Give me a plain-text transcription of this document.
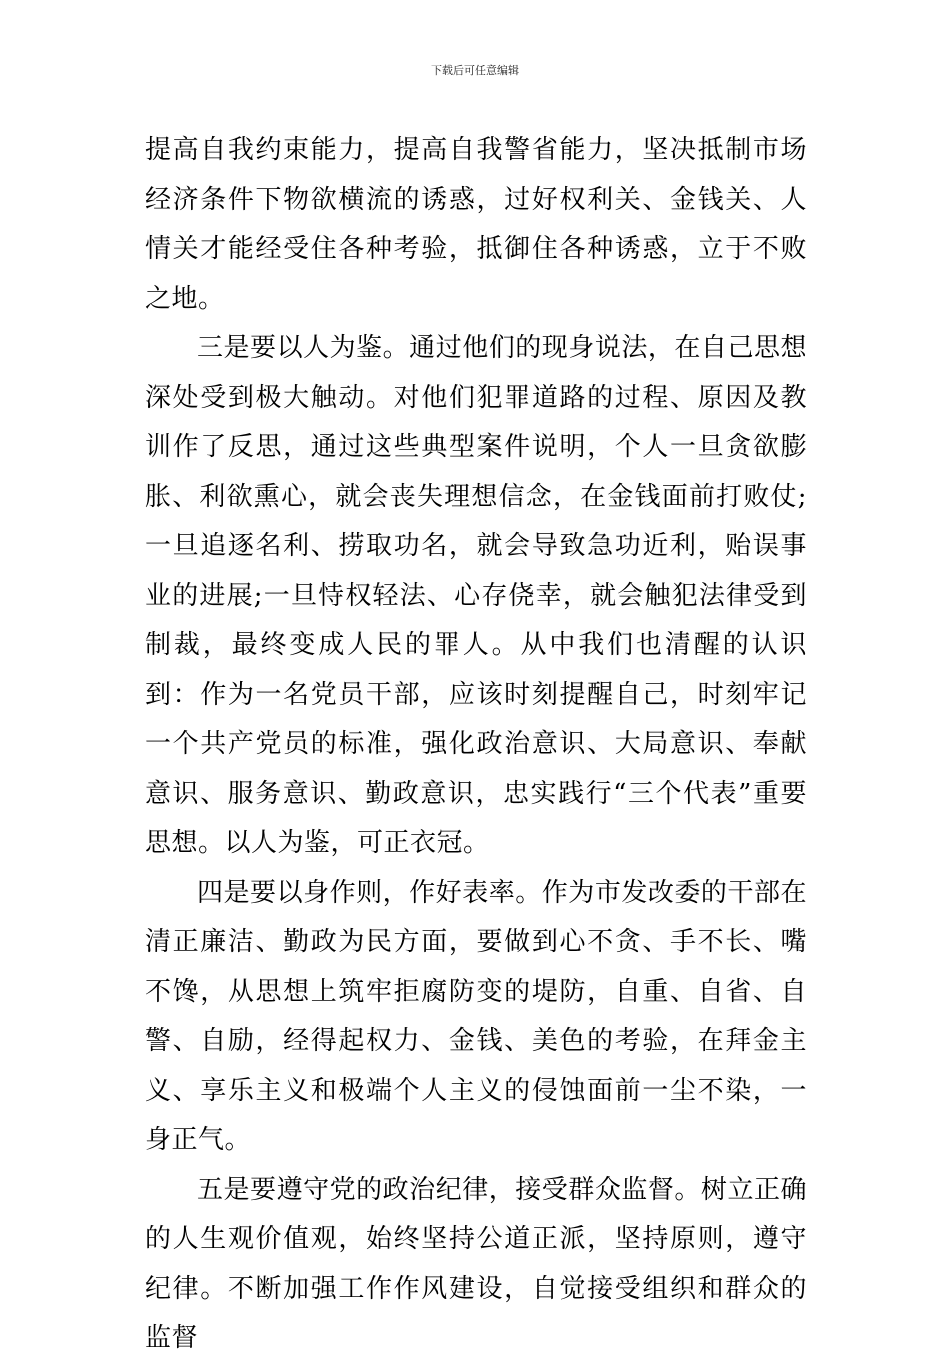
下载后可任意编辑

提高自我约束能力，提高自我警省能力，坚决抵制市场经济条件下物欲横流的诱惑，过好权利关、金钱关、人情关才能经受住各种考验，抵御住各种诱惑，立于不败之地。

三是要以人为鉴。通过他们的现身说法，在自己思想深处受到极大触动。对他们犯罪道路的过程、原因及教训作了反思，通过这些典型案件说明，个人一旦贪欲膨胀、利欲熏心，就会丧失理想信念，在金钱面前打败仗;一旦追逐名利、捞取功名，就会导致急功近利，贻误事业的进展;一旦恃权轻法、心存侥幸，就会触犯法律受到制裁，最终变成人民的罪人。从中我们也清醒的认识到：作为一名党员干部，应该时刻提醒自己，时刻牢记一个共产党员的标准，强化政治意识、大局意识、奉献意识、服务意识、勤政意识，忠实践行“三个代表”重要思想。以人为鉴，可正衣冠。

四是要以身作则，作好表率。作为市发改委的干部在清正廉洁、勤政为民方面，要做到心不贪、手不长、嘴不馋，从思想上筑牢拒腐防变的堤防，自重、自省、自警、自励，经得起权力、金钱、美色的考验，在拜金主义、享乐主义和极端个人主义的侵蚀面前一尘不染，一身正气。

五是要遵守党的政治纪律，接受群众监督。树立正确的人生观价值观，始终坚持公道正派，坚持原则，遵守纪律。不断加强工作作风建设，自觉接受组织和群众的监督
